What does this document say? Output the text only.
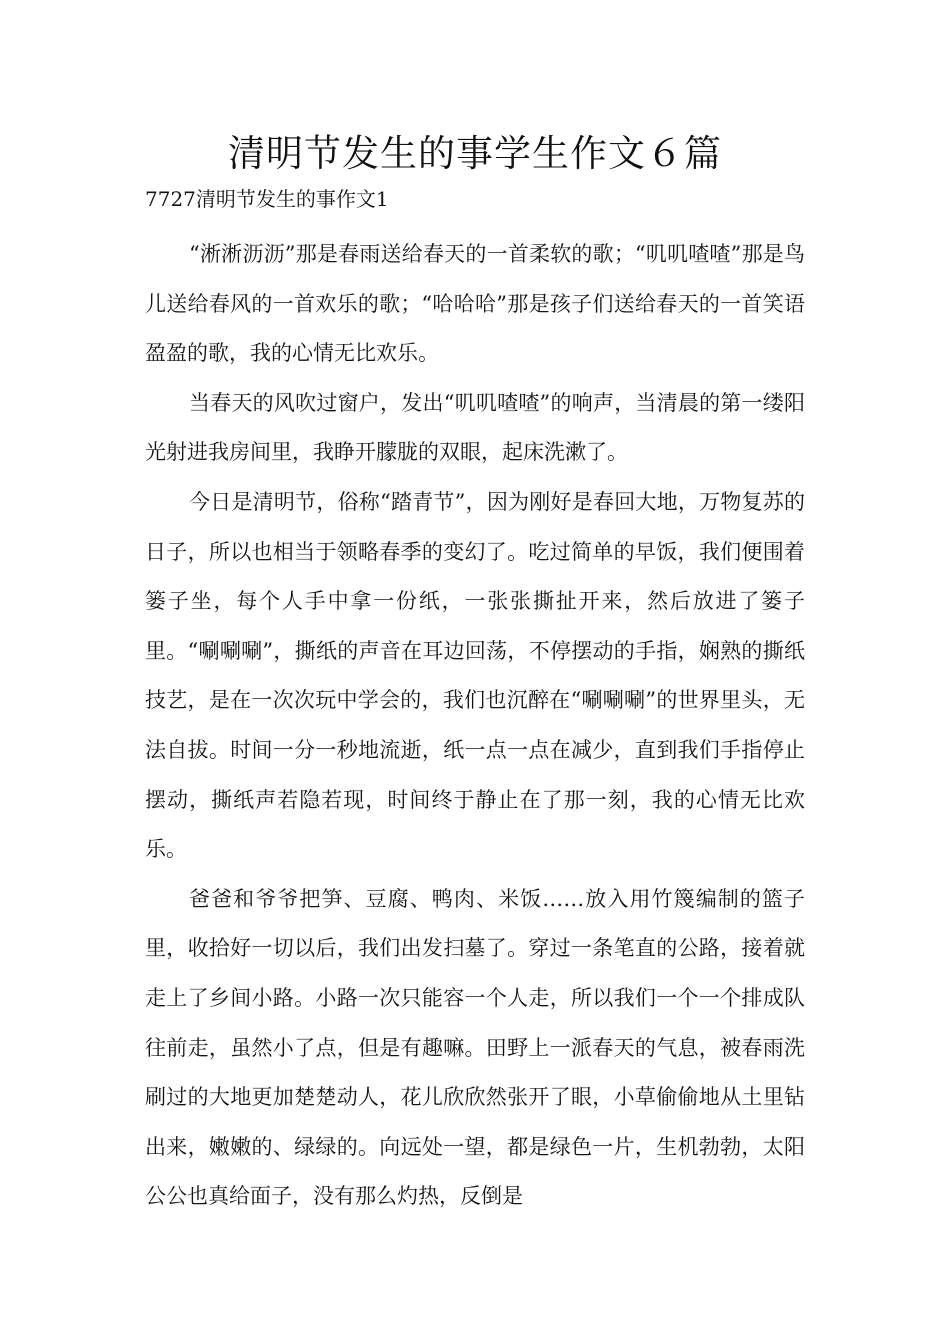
清明节发生的事学生作文６篇

7727清明节发生的事作文1

“淅淅沥沥”那是春雨送给春天的一首柔软的歌；“叽叽喳喳”那是鸟儿送给春风的一首欢乐的歌；“哈哈哈”那是孩子们送给春天的一首笑语盈盈的歌，我的心情无比欢乐。

当春天的风吹过窗户，发出“叽叽喳喳”的响声，当清晨的第一缕阳光射进我房间里，我睁开朦胧的双眼，起床洗漱了。

今日是清明节，俗称“踏青节”，因为刚好是春回大地，万物复苏的日子，所以也相当于领略春季的变幻了。吃过简单的早饭，我们便围着篓子坐，每个人手中拿一份纸，一张张撕扯开来，然后放进了篓子里。“唰唰唰”，撕纸的声音在耳边回荡，不停摆动的手指，娴熟的撕纸技艺，是在一次次玩中学会的，我们也沉醉在“唰唰唰”的世界里头，无法自拔。时间一分一秒地流逝，纸一点一点在减少，直到我们手指停止摆动，撕纸声若隐若现，时间终于静止在了那一刻，我的心情无比欢乐。

爸爸和爷爷把笋、豆腐、鸭肉、米饭……放入用竹篾编制的篮子里，收拾好一切以后，我们出发扫墓了。穿过一条笔直的公路，接着就走上了乡间小路。小路一次只能容一个人走，所以我们一个一个排成队往前走，虽然小了点，但是有趣嘛。田野上一派春天的气息，被春雨洗刷过的大地更加楚楚动人，花儿欣欣然张开了眼，小草偷偷地从土里钻出来，嫩嫩的、绿绿的。向远处一望，都是绿色一片，生机勃勃，太阳公公也真给面子，没有那么灼热，反倒是
